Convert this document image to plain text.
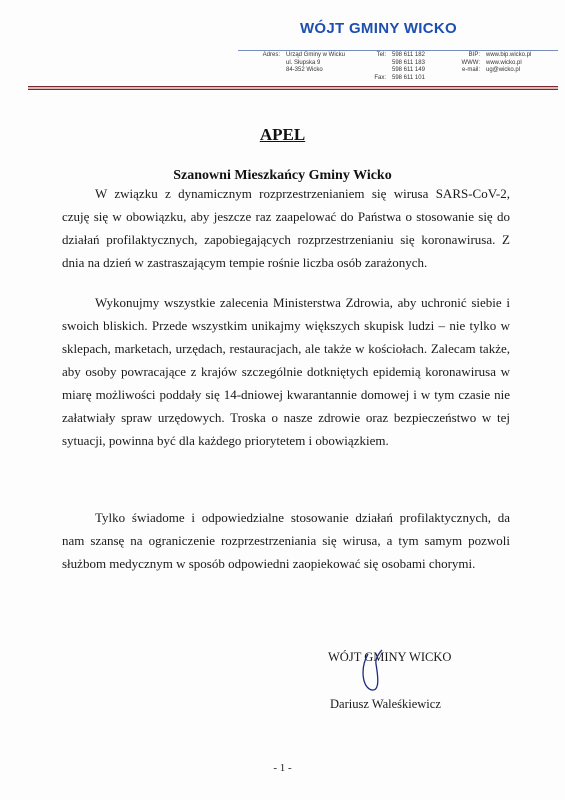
WÓJT GMINY WICKO
Adres: Urząd Gminy w Wicku
ul. Słupska 9
84-352 Wicko
Tel: 598 611 182
598 611 183
598 611 149
Fax: 598 611 101
BIP: www.bip.wicko.pl
WWW: www.wicko.pl
e-mail: ug@wicko.pl
APEL
Szanowni Mieszkańcy Gminy Wicko

W związku z dynamicznym rozprzestrzenianiem się wirusa SARS-CoV-2, czuję się w obowiązku, aby jeszcze raz zaapelować do Państwa o stosowanie się do działań profilaktycznych, zapobiegających rozprzestrzenianiu się koronawirusa. Z dnia na dzień w zastraszającym tempie rośnie liczba osób zarażonych.

Wykonujmy wszystkie zalecenia Ministerstwa Zdrowia, aby uchronić siebie i swoich bliskich. Przede wszystkim unikajmy większych skupisk ludzi – nie tylko w sklepach, marketach, urzędach, restauracjach, ale także w kościołach. Zalecam także, aby osoby powracające z krajów szczególnie dotkniętych epidemią koronawirusa w miarę możliwości poddały się 14-dniowej kwarantannie domowej i w tym czasie nie załatwiały spraw urzędowych. Troska o nasze zdrowie oraz bezpieczeństwo w tej sytuacji, powinna być dla każdego priorytetem i obowiązkiem.

Tylko świadome i odpowiedzialne stosowanie działań profilaktycznych, da nam szansę na ograniczenie rozprzestrzeniania się wirusa, a tym samym pozwoli służbom medycznym w sposób odpowiedni zaopiekować się osobami chorymi.

WÓJT GMINY WICKO
Dariusz Waleśkiewicz
- 1 -
